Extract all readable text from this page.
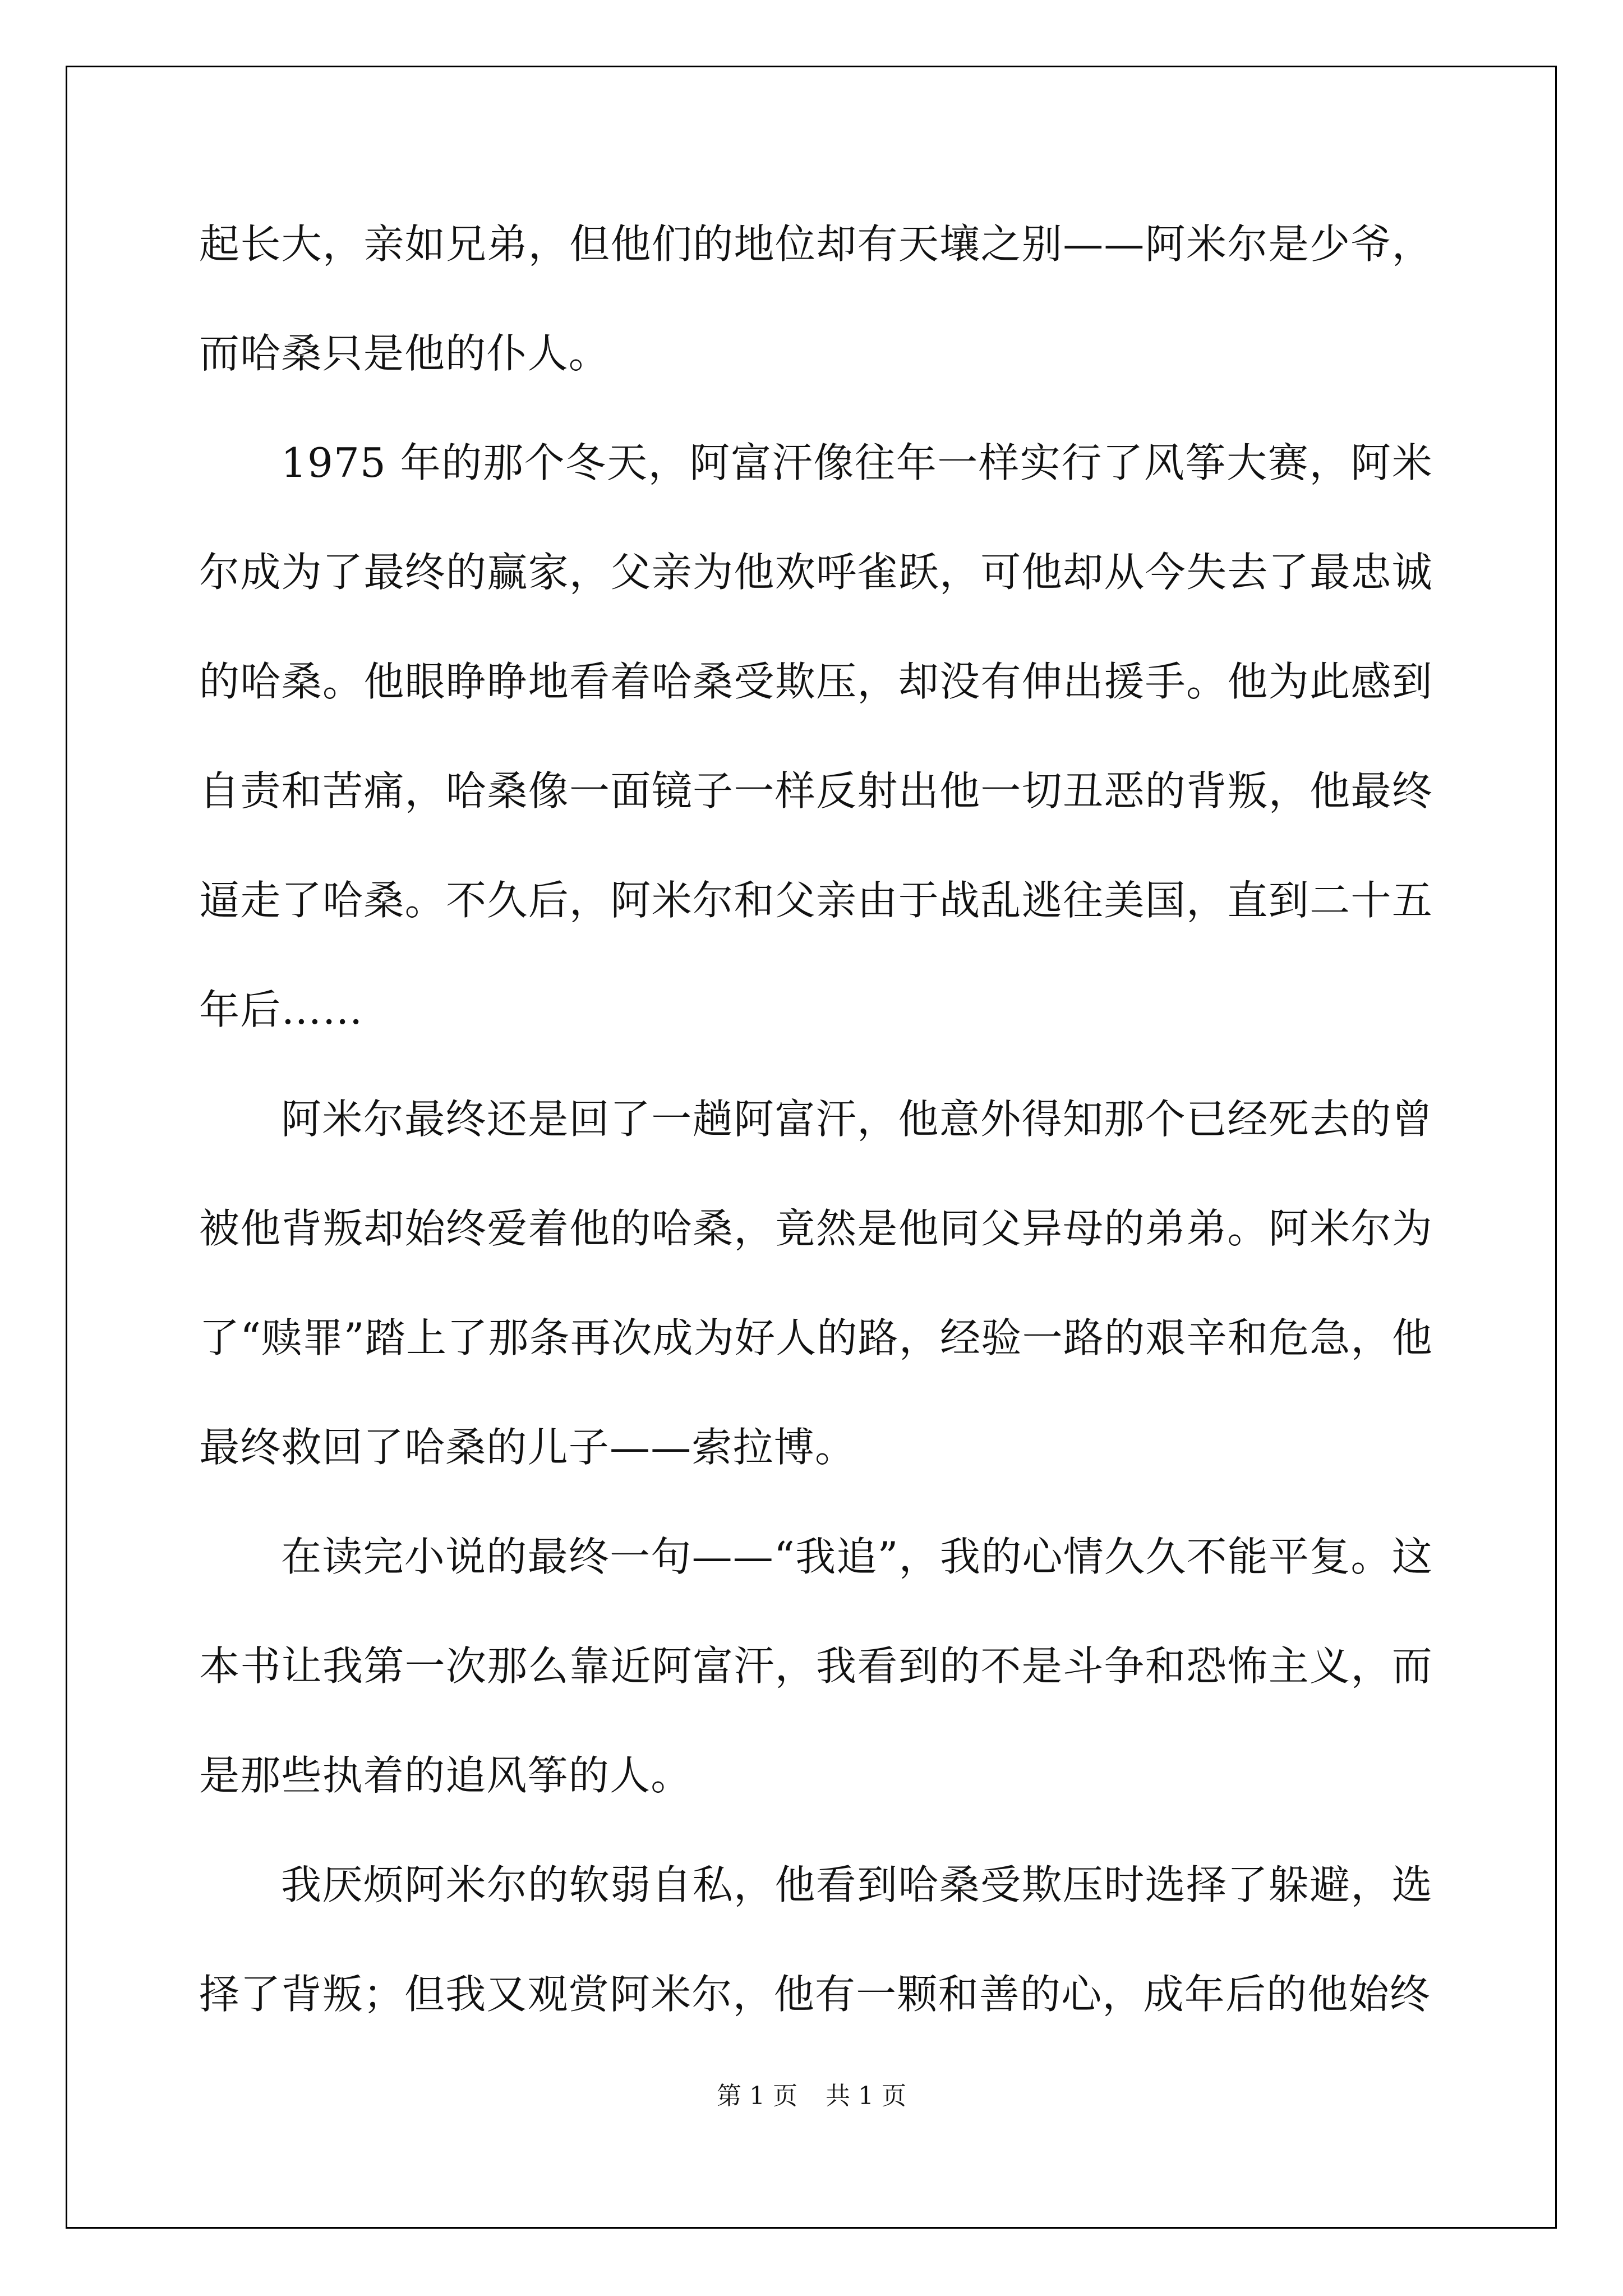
起长大，亲如兄弟，但他们的地位却有天壤之别——阿米尔是少爷，而哈桑只是他的仆人。

1975 年的那个冬天，阿富汗像往年一样实行了风筝大赛，阿米尔成为了最终的赢家，父亲为他欢呼雀跃，可他却从今失去了最忠诚的哈桑。他眼睁睁地看着哈桑受欺压，却没有伸出援手。他为此感到自责和苦痛，哈桑像一面镜子一样反射出他一切丑恶的背叛，他最终逼走了哈桑。不久后，阿米尔和父亲由于战乱逃往美国，直到二十五年后……

阿米尔最终还是回了一趟阿富汗，他意外得知那个已经死去的曾被他背叛却始终爱着他的哈桑，竟然是他同父异母的弟弟。阿米尔为了“赎罪”踏上了那条再次成为好人的路，经验一路的艰辛和危急，他最终救回了哈桑的儿子——索拉博。

在读完小说的最终一句——“我追”，我的心情久久不能平复。这本书让我第一次那么靠近阿富汗，我看到的不是斗争和恐怖主义，而是那些执着的追风筝的人。

我厌烦阿米尔的软弱自私，他看到哈桑受欺压时选择了躲避，选择了背叛；但我又观赏阿米尔，他有一颗和善的心，成年后的他始终

第 1 页 共 1 页
